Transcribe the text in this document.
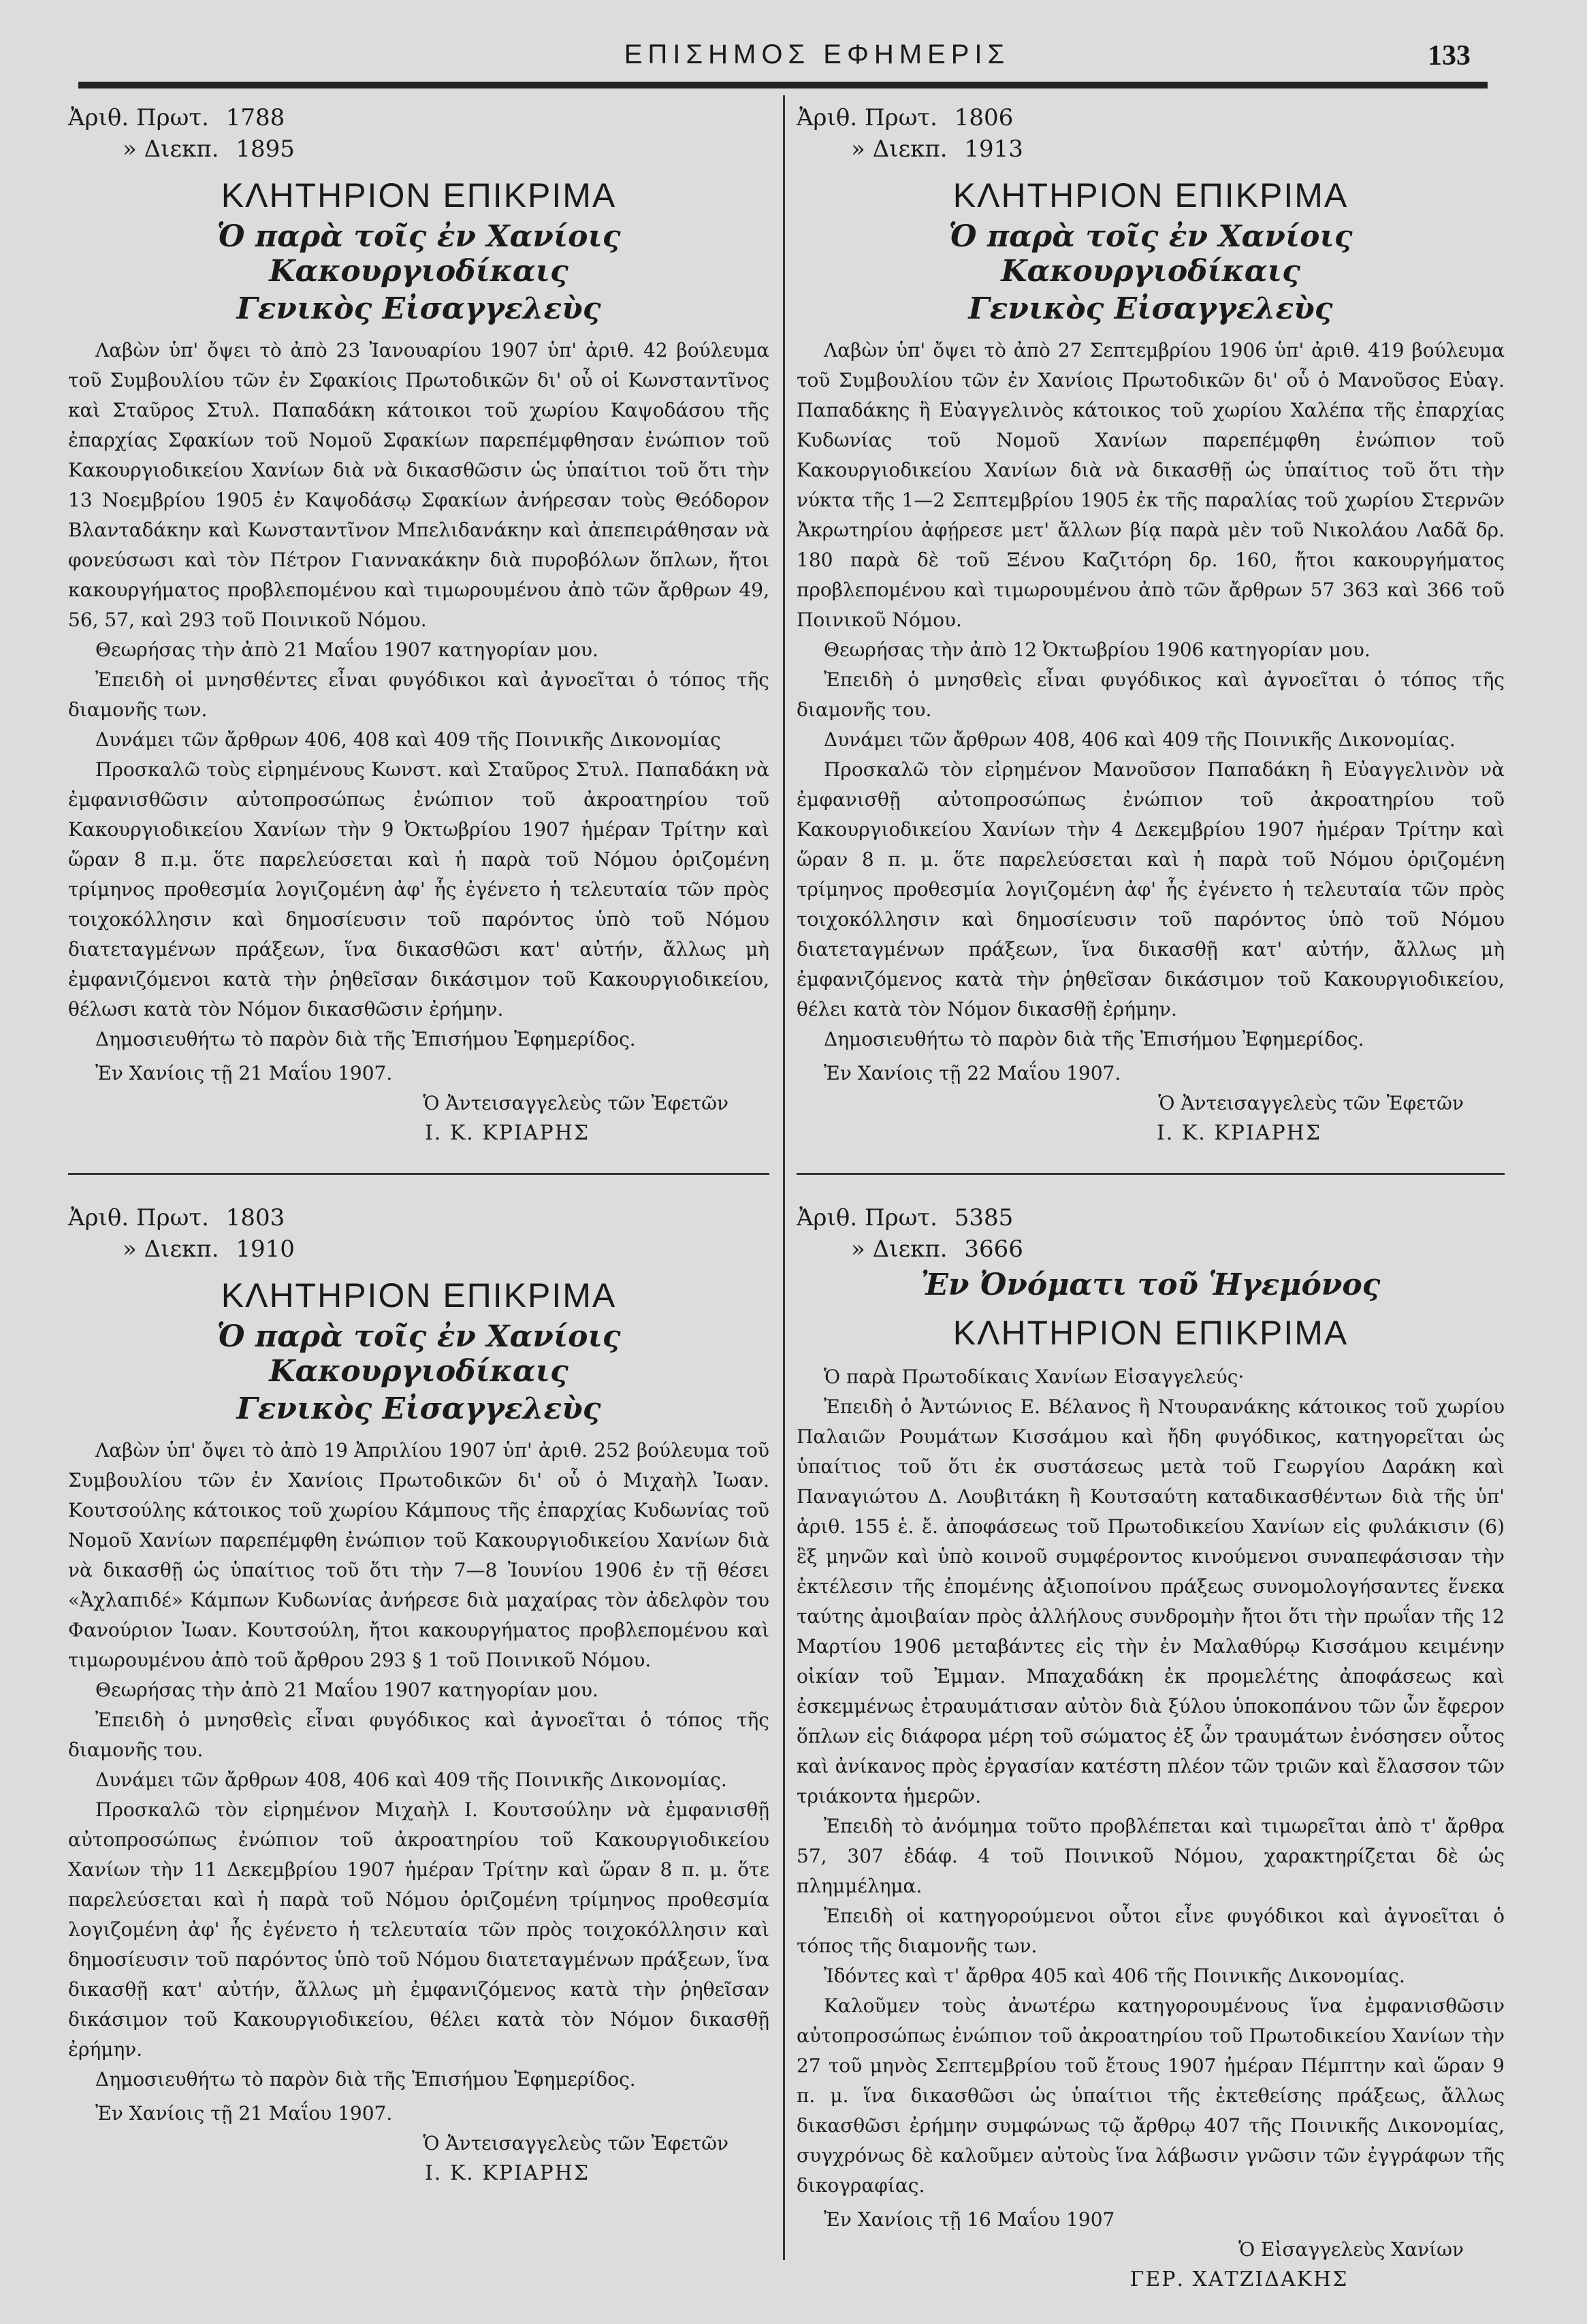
ΕΠΙΣΗΜΟΣ ΕΦΗΜΕΡΙΣ	133
Ἀριθ. Πρωτ. 1788
» Διεκπ. 1895
ΚΛΗΤΗΡΙΟΝ ΕΠΙΚΡΙΜΑ
Ὁ παρὰ τοῖς ἐν Χανίοις Κακουργιοδίκαις
Γενικὸς Εἰσαγγελεὺς

Λαβὼν ὑπ' ὄψει τὸ ἀπὸ 23 Ἰανουαρίου 1907 ὑπ' ἀριθ. 42 βούλευμα τοῦ Συμβουλίου τῶν ἐν Σφακίοις Πρωτοδικῶν δι' οὗ οἱ Κωνσταντῖνος καὶ Σταῦρος Στυλ. Παπαδάκη κάτοικοι τοῦ χωρίου Καψοδάσου τῆς ἐπαρχίας Σφακίων τοῦ Νομοῦ Σφακίων παρεπέμφθησαν ἐνώπιον τοῦ Κακουργιοδικείου Χανίων διὰ νὰ δικασθῶσιν ὡς ὑπαίτιοι τοῦ ὅτι τὴν 13 Νοεμβρίου 1905 ἐν Καψοδάσῳ Σφακίων ἀνήρεσαν τοὺς Θεόδορον Βλανταδάκην καὶ Κωνσταντῖνον Μπελιδανάκην καὶ ἀπεπειράθησαν νὰ φονεύσωσι καὶ τὸν Πέτρον Γιαννακάκην διὰ πυροβόλων ὅπλων, ἤτοι κακουργήματος προβλεπομένου καὶ τιμωρουμένου ἀπὸ τῶν ἄρθρων 49, 56, 57, καὶ 293 τοῦ Ποινικοῦ Νόμου.

Θεωρήσας τὴν ἀπὸ 21 Μαΐου 1907 κατηγορίαν μου.

Ἐπειδὴ οἱ μνησθέντες εἶναι φυγόδικοι καὶ ἀγνοεῖται ὁ τόπος τῆς διαμονῆς των.

Δυνάμει τῶν ἄρθρων 406, 408 καὶ 409 τῆς Ποινικῆς Δικονομίας

Προσκαλῶ τοὺς εἰρημένους Κωνστ. καὶ Σταῦρος Στυλ. Παπαδάκη νὰ ἐμφανισθῶσιν αὐτοπροσώπως ἐνώπιον τοῦ ἀκροατηρίου τοῦ Κακουργιοδικείου Χανίων τὴν 9 Ὀκτωβρίου 1907 ἡμέραν Τρίτην καὶ ὥραν 8 π.μ. ὅτε παρελεύσεται καὶ ἡ παρὰ τοῦ Νόμου ὁριζομένη τρίμηνος προθεσμία λογιζομένη ἀφ' ἧς ἐγένετο ἡ τελευταία τῶν πρὸς τοιχοκόλλησιν καὶ δημοσίευσιν τοῦ παρόντος ὑπὸ τοῦ Νόμου διατεταγμένων πράξεων, ἵνα δικασθῶσι κατ' αὐτήν, ἄλλως μὴ ἐμφανιζόμενοι κατὰ τὴν ῥηθεῖσαν δικάσιμον τοῦ Κακουργιοδικείου, θέλωσι κατὰ τὸν Νόμον δικασθῶσιν ἐρήμην.

Δημοσιευθήτω τὸ παρὸν διὰ τῆς Ἐπισήμου Ἐφημερίδος.

Ἐν Χανίοις τῇ 21 Μαΐου 1907.
Ὁ Ἀντεισαγγελεὺς τῶν Ἐφετῶν
Ι. Κ. ΚΡΙΑΡΗΣ
Ἀριθ. Πρωτ. 1803
» Διεκπ. 1910
ΚΛΗΤΗΡΙΟΝ ΕΠΙΚΡΙΜΑ
Ὁ παρὰ τοῖς ἐν Χανίοις Κακουργιοδίκαις
Γενικὸς Εἰσαγγελεὺς

Λαβὼν ὑπ' ὄψει τὸ ἀπὸ 19 Ἀπριλίου 1907 ὑπ' ἀριθ. 252 βούλευμα τοῦ Συμβουλίου τῶν ἐν Χανίοις Πρωτοδικῶν δι' οὗ ὁ Μιχαὴλ Ἰωαν. Κουτσούλης κάτοικος τοῦ χωρίου Κάμπους τῆς ἐπαρχίας Κυδωνίας τοῦ Νομοῦ Χανίων παρεπέμφθη ἐνώπιον τοῦ Κακουργιοδικείου Χανίων διὰ νὰ δικασθῇ ὡς ὑπαίτιος τοῦ ὅτι τὴν 7—8 Ἰουνίου 1906 ἐν τῇ θέσει «Ἀχλαπιδέ» Κάμπων Κυδωνίας ἀνήρεσε διὰ μαχαίρας τὸν ἀδελφὸν του Φανούριον Ἰωαν. Κουτσούλη, ἤτοι κακουργήματος προβλεπομένου καὶ τιμωρουμένου ἀπὸ τοῦ ἄρθρου 293 § 1 τοῦ Ποινικοῦ Νόμου.

Θεωρήσας τὴν ἀπὸ 21 Μαΐου 1907 κατηγορίαν μου.

Ἐπειδὴ ὁ μνησθεὶς εἶναι φυγόδικος καὶ ἀγνοεῖται ὁ τόπος τῆς διαμονῆς του.

Δυνάμει τῶν ἄρθρων 408, 406 καὶ 409 τῆς Ποινικῆς Δικονομίας.

Προσκαλῶ τὸν εἰρημένον Μιχαὴλ Ι. Κουτσούλην νὰ ἐμφανισθῇ αὐτοπροσώπως ἐνώπιον τοῦ ἀκροατηρίου τοῦ Κακουργιοδικείου Χανίων τὴν 11 Δεκεμβρίου 1907 ἡμέραν Τρίτην καὶ ὥραν 8 π. μ. ὅτε παρελεύσεται καὶ ἡ παρὰ τοῦ Νόμου ὁριζομένη τρίμηνος προθεσμία λογιζομένη ἀφ' ἧς ἐγένετο ἡ τελευταία τῶν πρὸς τοιχοκόλλησιν καὶ δημοσίευσιν τοῦ παρόντος ὑπὸ τοῦ Νόμου διατεταγμένων πράξεων, ἵνα δικασθῇ κατ' αὐτήν, ἄλλως μὴ ἐμφανιζόμενος κατὰ τὴν ῥηθεῖσαν δικάσιμον τοῦ Κακουργιοδικείου, θέλει κατὰ τὸν Νόμον δικασθῇ ἐρήμην.

Δημοσιευθήτω τὸ παρὸν διὰ τῆς Ἐπισήμου Ἐφημερίδος.

Ἐν Χανίοις τῇ 21 Μαΐου 1907.
Ὁ Ἀντεισαγγελεὺς τῶν Ἐφετῶν
Ι. Κ. ΚΡΙΑΡΗΣ
Ἀριθ. Πρωτ. 1806
» Διεκπ. 1913
ΚΛΗΤΗΡΙΟΝ ΕΠΙΚΡΙΜΑ
Ὁ παρὰ τοῖς ἐν Χανίοις Κακουργιοδίκαις
Γενικὸς Εἰσαγγελεὺς

Λαβὼν ὑπ' ὄψει τὸ ἀπὸ 27 Σεπτεμβρίου 1906 ὑπ' ἀριθ. 419 βούλευμα τοῦ Συμβουλίου τῶν ἐν Χανίοις Πρωτοδικῶν δι' οὗ ὁ Μανοῦσος Εὐαγ. Παπαδάκης ἢ Εὐαγγελινὸς κάτοικος τοῦ χωρίου Χαλέπα τῆς ἐπαρχίας Κυδωνίας τοῦ Νομοῦ Χανίων παρεπέμφθη ἐνώπιον τοῦ Κακουργιοδικείου Χανίων διὰ νὰ δικασθῇ ὡς ὑπαίτιος τοῦ ὅτι τὴν νύκτα τῆς 1—2 Σεπτεμβρίου 1905 ἐκ τῆς παραλίας τοῦ χωρίου Στερνῶν Ἀκρωτηρίου ἀφῄρεσε μετ' ἄλλων βίᾳ παρὰ μὲν τοῦ Νικολάου Λαδᾶ δρ. 180 παρὰ δὲ τοῦ Ξένου Καζιτόρη δρ. 160, ἤτοι κακουργήματος προβλεπομένου καὶ τιμωρουμένου ἀπὸ τῶν ἄρθρων 57 363 καὶ 366 τοῦ Ποινικοῦ Νόμου.

Θεωρήσας τὴν ἀπὸ 12 Ὀκτωβρίου 1906 κατηγορίαν μου.

Ἐπειδὴ ὁ μνησθεὶς εἶναι φυγόδικος καὶ ἀγνοεῖται ὁ τόπος τῆς διαμονῆς του.

Δυνάμει τῶν ἄρθρων 408, 406 καὶ 409 τῆς Ποινικῆς Δικονομίας.

Προσκαλῶ τὸν εἰρημένον Μανοῦσον Παπαδάκη ἢ Εὐαγγελινὸν νὰ ἐμφανισθῇ αὐτοπροσώπως ἐνώπιον τοῦ ἀκροατηρίου τοῦ Κακουργιοδικείου Χανίων τὴν 4 Δεκεμβρίου 1907 ἡμέραν Τρίτην καὶ ὥραν 8 π. μ. ὅτε παρελεύσεται καὶ ἡ παρὰ τοῦ Νόμου ὁριζομένη τρίμηνος προθεσμία λογιζομένη ἀφ' ἧς ἐγένετο ἡ τελευταία τῶν πρὸς τοιχοκόλλησιν καὶ δημοσίευσιν τοῦ παρόντος ὑπὸ τοῦ Νόμου διατεταγμένων πράξεων, ἵνα δικασθῇ κατ' αὐτήν, ἄλλως μὴ ἐμφανιζόμενος κατὰ τὴν ῥηθεῖσαν δικάσιμον τοῦ Κακουργιοδικείου, θέλει κατὰ τὸν Νόμον δικασθῇ ἐρήμην.

Δημοσιευθήτω τὸ παρὸν διὰ τῆς Ἐπισήμου Ἐφημερίδος.

Ἐν Χανίοις τῇ 22 Μαΐου 1907.
Ὁ Ἀντεισαγγελεὺς τῶν Ἐφετῶν
Ι. Κ. ΚΡΙΑΡΗΣ
Ἀριθ. Πρωτ. 5385
» Διεκπ. 3666
Ἐν Ὀνόματι τοῦ Ἡγεμόνος
ΚΛΗΤΗΡΙΟΝ ΕΠΙΚΡΙΜΑ

Ὁ παρὰ Πρωτοδίκαις Χανίων Εἰσαγγελεύς·

Ἐπειδὴ ὁ Ἀντώνιος Ε. Βέλανος ἢ Ντουρανάκης κάτοικος τοῦ χωρίου Παλαιῶν Ρουμάτων Κισσάμου καὶ ἤδη φυγόδικος, κατηγορεῖται ὡς ὑπαίτιος τοῦ ὅτι ἐκ συστάσεως μετὰ τοῦ Γεωργίου Δαράκη καὶ Παναγιώτου Δ. Λουβιτάκη ἢ Κουτσαύτη καταδικασθέντων διὰ τῆς ὑπ' ἀριθ. 155 ἑ. ἔ. ἀποφάσεως τοῦ Πρωτοδικείου Χανίων εἰς φυλάκισιν (6) ἓξ μηνῶν καὶ ὑπὸ κοινοῦ συμφέροντος κινούμενοι συναπεφάσισαν τὴν ἐκτέλεσιν τῆς ἐπομένης ἀξιοποίνου πράξεως συνομολογήσαντες ἕνεκα ταύτης ἀμοιβαίαν πρὸς ἀλλήλους συνδρομὴν ἤτοι ὅτι τὴν πρωΐαν τῆς 12 Μαρτίου 1906 μεταβάντες εἰς τὴν ἐν Μαλαθύρῳ Κισσάμου κειμένην οἰκίαν τοῦ Ἐμμαν. Μπαχαδάκη ἐκ προμελέτης ἀποφάσεως καὶ ἐσκεμμένως ἐτραυμάτισαν αὐτὸν διὰ ξύλου ὑποκοπάνου τῶν ὧν ἔφερον ὅπλων εἰς διάφορα μέρη τοῦ σώματος ἐξ ὧν τραυμάτων ἐνόσησεν οὗτος καὶ ἀνίκανος πρὸς ἐργασίαν κατέστη πλέον τῶν τριῶν καὶ ἔλασσον τῶν τριάκοντα ἡμερῶν.

Ἐπειδὴ τὸ ἀνόμημα τοῦτο προβλέπεται καὶ τιμωρεῖται ἀπὸ τ' ἄρθρα 57, 307 ἐδάφ. 4 τοῦ Ποινικοῦ Νόμου, χαρακτηρίζεται δὲ ὡς πλημμέλημα.

Ἐπειδὴ οἱ κατηγορούμενοι οὗτοι εἶνε φυγόδικοι καὶ ἀγνοεῖται ὁ τόπος τῆς διαμονῆς των.

Ἰδόντες καὶ τ' ἄρθρα 405 καὶ 406 τῆς Ποινικῆς Δικονομίας.

Καλοῦμεν τοὺς ἀνωτέρω κατηγορουμένους ἵνα ἐμφανισθῶσιν αὐτοπροσώπως ἐνώπιον τοῦ ἀκροατηρίου τοῦ Πρωτοδικείου Χανίων τὴν 27 τοῦ μηνὸς Σεπτεμβρίου τοῦ ἔτους 1907 ἡμέραν Πέμπτην καὶ ὥραν 9 π. μ. ἵνα δικασθῶσι ὡς ὑπαίτιοι τῆς ἐκτεθείσης πράξεως, ἄλλως δικασθῶσι ἐρήμην συμφώνως τῷ ἄρθρῳ 407 τῆς Ποινικῆς Δικονομίας, συγχρόνως δὲ καλοῦμεν αὐτοὺς ἵνα λάβωσιν γνῶσιν τῶν ἐγγράφων τῆς δικογραφίας.

Ἐν Χανίοις τῇ 16 Μαΐου 1907
Ὁ Εἰσαγγελεὺς Χανίων
ΓΕΡ. ΧΑΤΖΙΔΑΚΗΣ
